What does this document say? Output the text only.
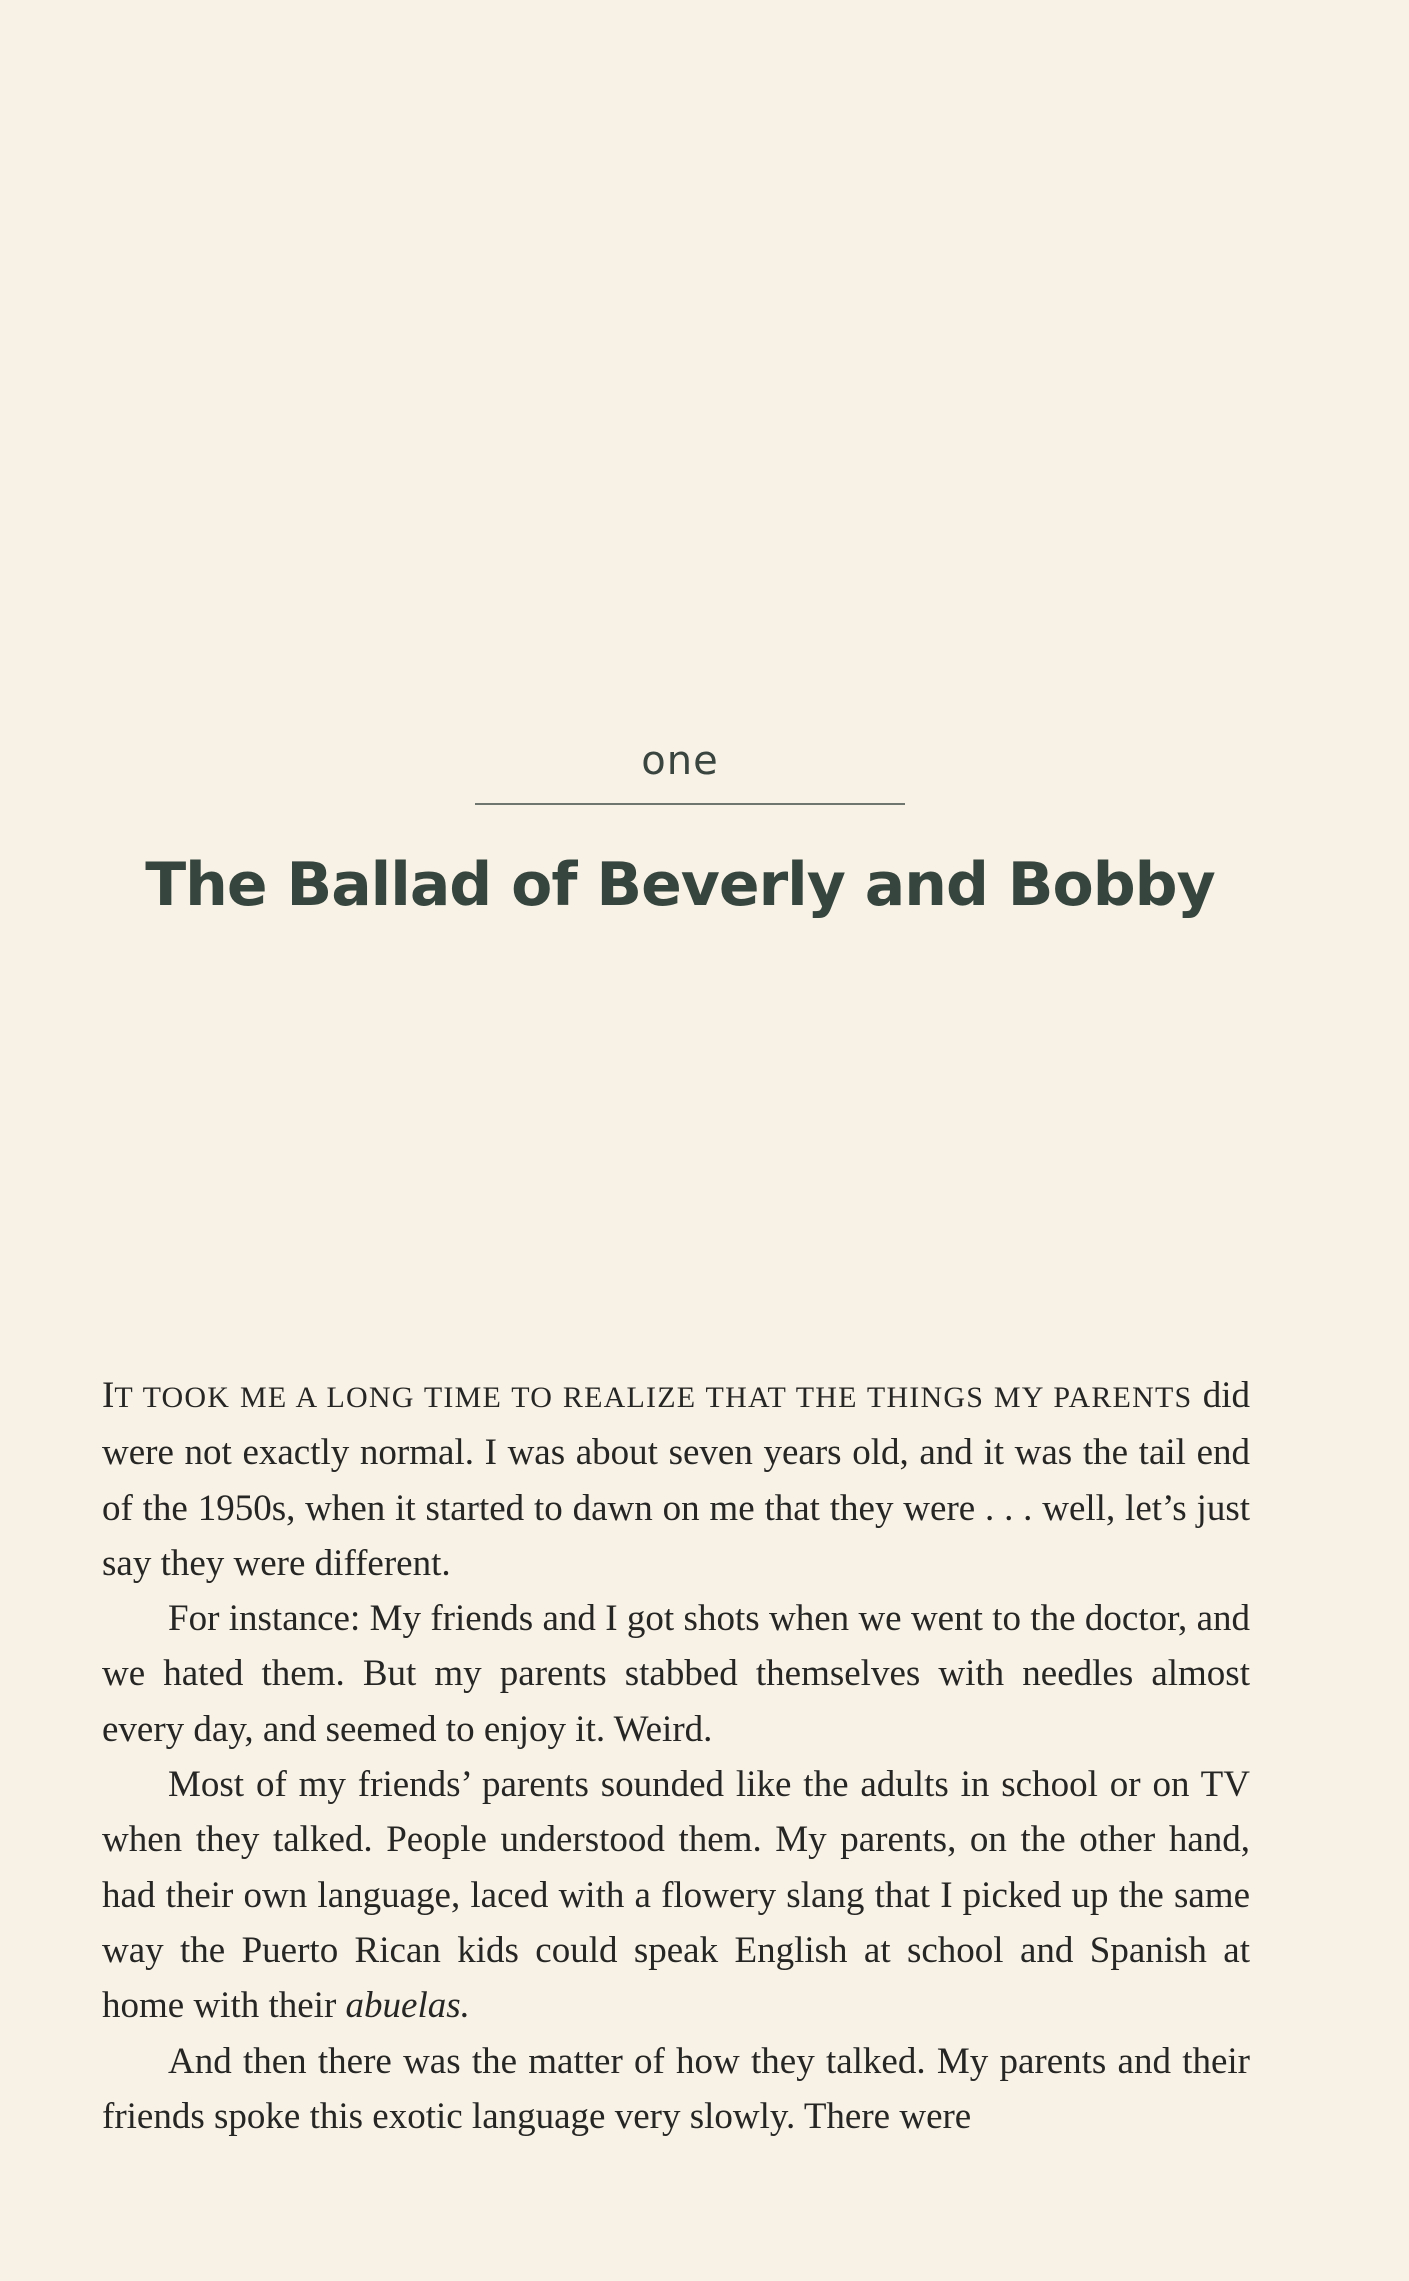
one
The Ballad of Beverly and Bobby

IT TOOK ME A LONG TIME TO REALIZE THAT THE THINGS MY PARENTS did were not exactly normal. I was about seven years old, and it was the tail end of the 1950s, when it started to dawn on me that they were . . . well, let’s just say they were different.

For instance: My friends and I got shots when we went to the doctor, and we hated them. But my parents stabbed themselves with needles almost every day, and seemed to enjoy it. Weird.

Most of my friends’ parents sounded like the adults in school or on TV when they talked. People understood them. My parents, on the other hand, had their own language, laced with a flowery slang that I picked up the same way the Puerto Rican kids could speak English at school and Spanish at home with their abuelas.

And then there was the matter of how they talked. My parents and their friends spoke this exotic language very slowly. There were
